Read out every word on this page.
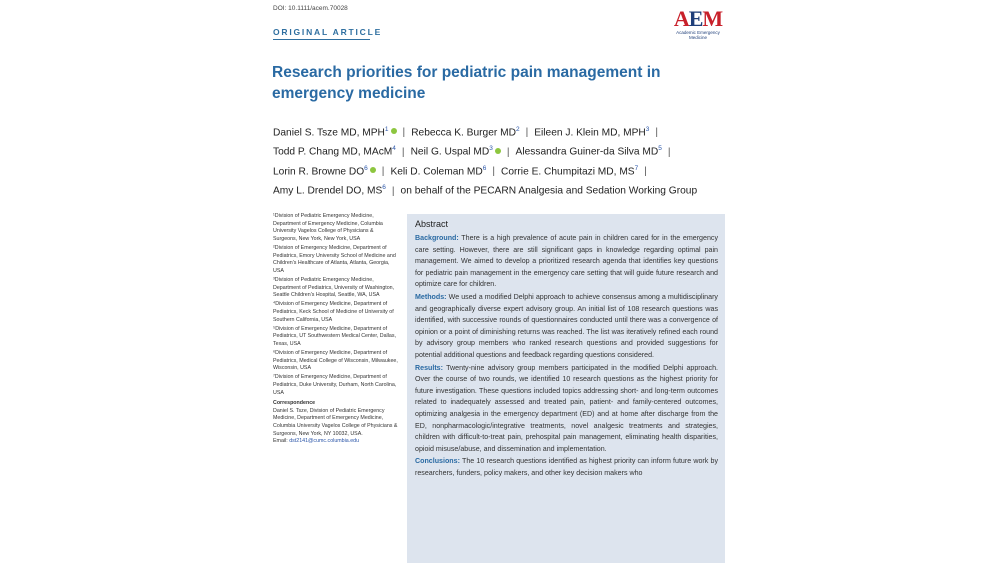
DOI: 10.1111/acem.70028	AEM
Academic Emergency Medicine
ORIGINAL ARTICLE
Research priorities for pediatric pain management in emergency medicine
Daniel S. Tsze MD, MPH$^1$ | Rebecca K. Burger $MD^2$ | Eileen J. Klein MD, MPH$^3$ |
Todd P. Chang MD, MAcM$^4$ | Neil G. Uspal $MD^3$ | Alessandra Guiner-da Silva $MD^5$ |
Lorin R. Browne $DO^6$ | Keli D. Coleman $MD^6$ | Corrie E. Chumpitazi MD, $MS^7$ |
Amy L. Drendel DO, $MS^6$ | on behalf of the PECARN Analgesia and Sedation Working Group
¹Division of Pediatric Emergency Medicine, Department of Emergency Medicine, Columbia University Vagelos College of Physicians & Surgeons, New York, New York, USA
²Division of Emergency Medicine, Department of Pediatrics, Emory University School of Medicine and Children's Healthcare of Atlanta, Atlanta, Georgia, USA
³Division of Pediatric Emergency Medicine, Department of Pediatrics, University of Washington, Seattle Children's Hospital, Seattle, WA, USA
⁴Division of Emergency Medicine, Department of Pediatrics, Keck School of Medicine of University of Southern California, USA
⁵Division of Emergency Medicine, Department of Pediatrics, UT Southwestern Medical Center, Dallas, Texas, USA
⁶Division of Emergency Medicine, Department of Pediatrics, Medical College of Wisconsin, Milwaukee, Wisconsin, USA
⁷Division of Emergency Medicine, Department of Pediatrics, Duke University, Durham, North Carolina, USA
Correspondence
Daniel S. Tsze, Division of Pediatric Emergency Medicine, Department of Emergency Medicine, Columbia University Vagelos College of Physicians & Surgeons, New York, NY 10032, USA.
Email: dst2141@cumc.columbia.edu
Abstract

Background: There is a high prevalence of acute pain in children cared for in the emergency care setting. However, there are still significant gaps in knowledge regarding optimal pain management. We aimed to develop a prioritized research agenda that identifies key questions for pediatric pain management in the emergency care setting that will guide future research and optimize care for children.

Methods: We used a modified Delphi approach to achieve consensus among a multidisciplinary and geographically diverse expert advisory group. An initial list of 108 research questions was identified, with successive rounds of questionnaires conducted until there was a convergence of opinion or a point of diminishing returns was reached. The list was iteratively refined each round by advisory group members who ranked research questions and provided suggestions for potential additional questions and feedback regarding questions considered.

Results: Twenty-nine advisory group members participated in the modified Delphi approach. Over the course of two rounds, we identified 10 research questions as the highest priority for future investigation. These questions included topics addressing short- and long-term outcomes related to inadequately assessed and treated pain, patient- and family-centered outcomes, optimizing analgesia in the emergency department (ED) and at home after discharge from the ED, nonpharmacologic/integrative treatments, novel analgesic treatments and strategies, children with difficult-to-treat pain, prehospital pain management, eliminating health disparities, opioid misuse/abuse, and dissemination and implementation.

Conclusions: The 10 research questions identified as highest priority can inform future work by researchers, funders, policy makers, and other key decision makers who
